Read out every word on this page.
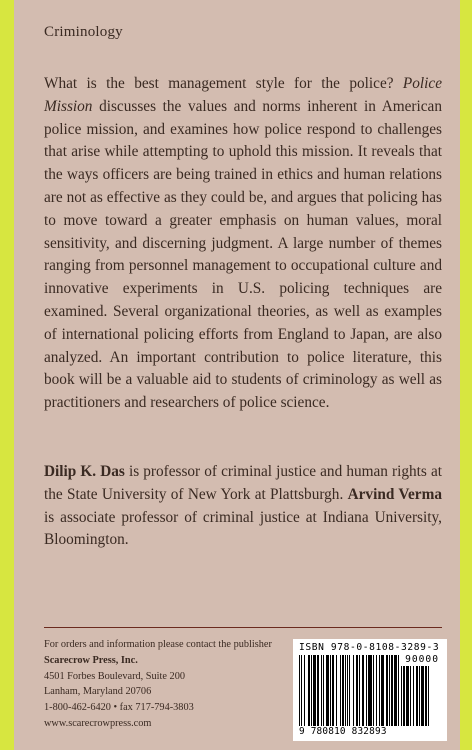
Criminology

What is the best management style for the police? Police Mission discusses the values and norms inherent in American police mission, and examines how police respond to challenges that arise while attempting to uphold this mission. It reveals that the ways officers are being trained in ethics and human relations are not as effective as they could be, and argues that policing has to move toward a greater emphasis on human values, moral sensitivity, and discerning judgment. A large number of themes ranging from personnel management to occupational culture and innovative experiments in U.S. policing techniques are examined. Several organizational theories, as well as examples of international policing efforts from England to Japan, are also analyzed. An important contribution to police literature, this book will be a valuable aid to students of criminology as well as practitioners and researchers of police science.

Dilip K. Das is professor of criminal justice and human rights at the State University of New York at Plattsburgh. Arvind Verma is associate professor of criminal justice at Indiana University, Bloomington.

For orders and information please contact the publisher
Scarecrow Press, Inc.
4501 Forbes Boulevard, Suite 200
Lanham, Maryland 20706
1-800-462-6420 • fax 717-794-3803
www.scarecrowpress.com
ISBN 978-0-8108-3289-3
90000
9 780810 832893
